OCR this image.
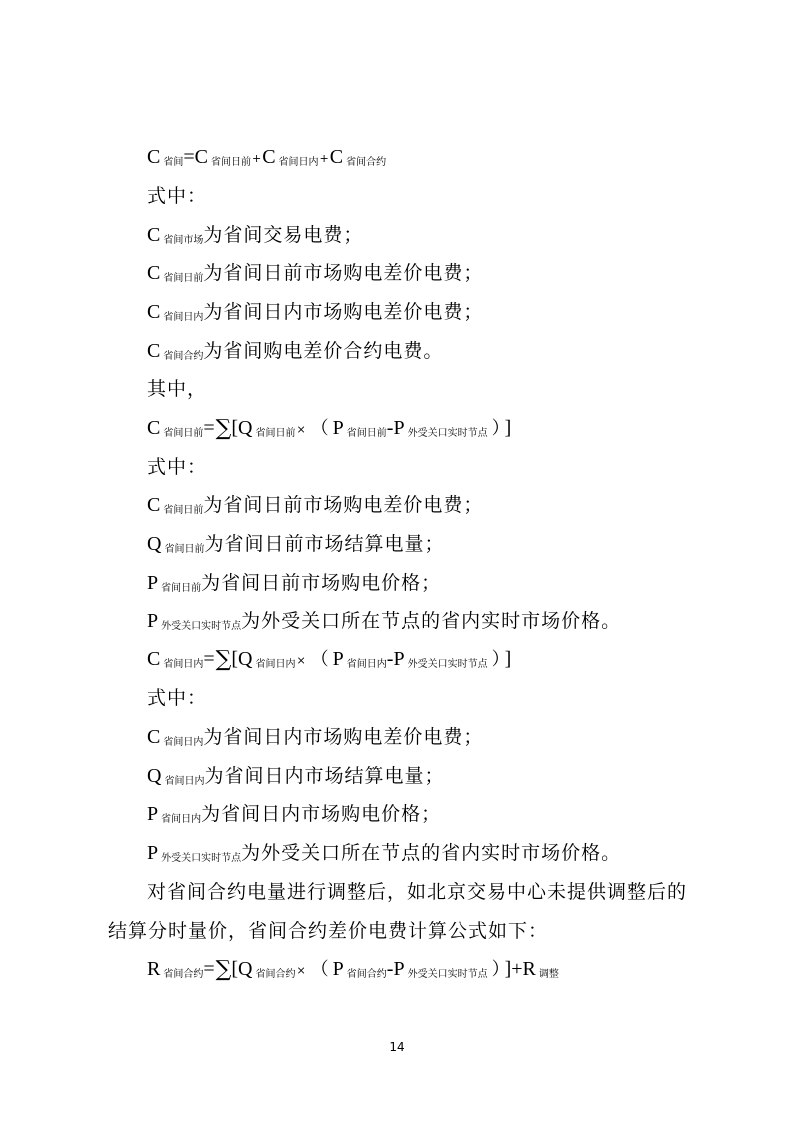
C省间=C 省间日前+C 省间日内+C 省间合约
式中：
C省间市场为省间交易电费；
C省间日前为省间日前市场购电差价电费；
C省间日内为省间日内市场购电差价电费；
C省间合约为省间购电差价合约电费。
其中，
C省间日前=∑[Q 省间日前× （ P 省间日前-P 外受关口实时节点 ） ]
式中：
C省间日前为省间日前市场购电差价电费；
Q省间日前为省间日前市场结算电量；
P省间日前为省间日前市场购电价格；
P外受关口实时节点为外受关口所在节点的省内实时市场价格。
C省间日内=∑[Q 省间日内× （ P 省间日内-P 外受关口实时节点 ） ]
式中：
C省间日内为省间日内市场购电差价电费；
Q省间日内为省间日内市场结算电量；
P省间日内为省间日内市场购电价格；
P外受关口实时节点为外受关口所在节点的省内实时市场价格。
对省间合约电量进行调整后，如北京交易中心未提供调整后的
结算分时量价，省间合约差价电费计算公式如下：
R省间合约=∑[Q 省间合约× （ P 省间合约-P 外受关口实时节点 ） ]+R 调整
14
